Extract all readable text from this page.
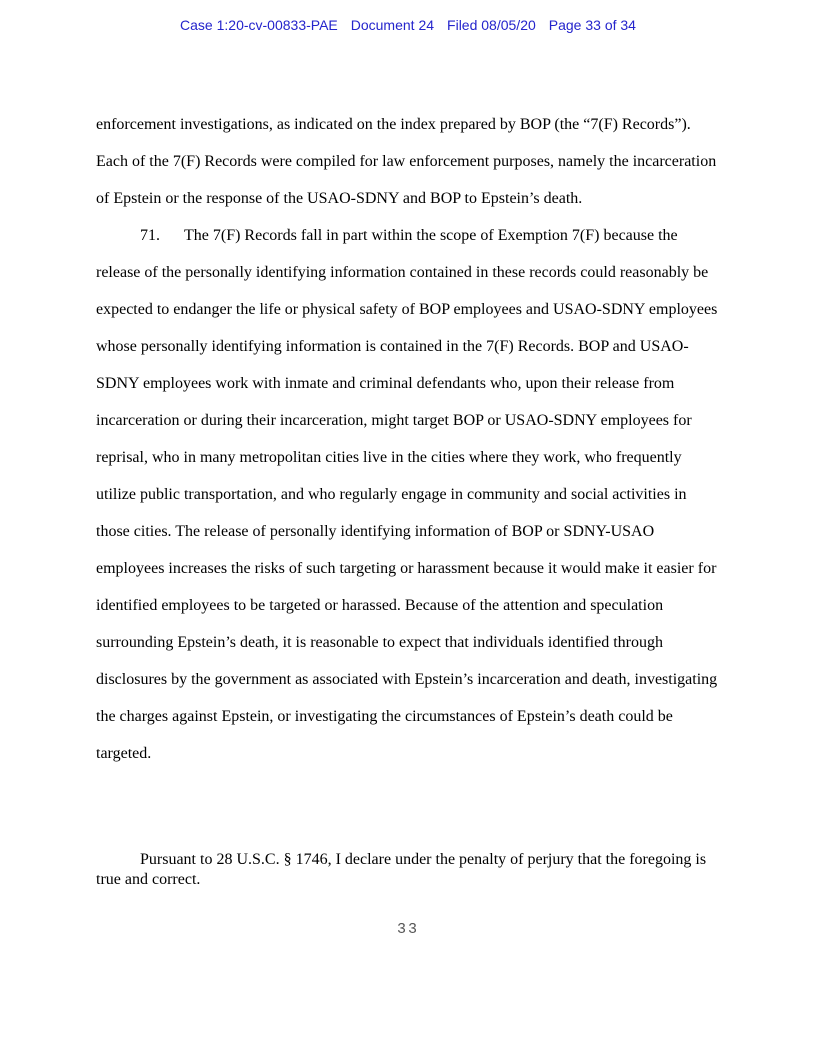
Case 1:20-cv-00833-PAE Document 24 Filed 08/05/20 Page 33 of 34
enforcement investigations, as indicated on the index prepared by BOP (the “7(F) Records”).
Each of the 7(F) Records were compiled for law enforcement purposes, namely the incarceration
of Epstein or the response of the USAO-SDNY and BOP to Epstein’s death.
	71.	The 7(F) Records fall in part within the scope of Exemption 7(F) because the
release of the personally identifying information contained in these records could reasonably be
expected to endanger the life or physical safety of BOP employees and USAO-SDNY employees
whose personally identifying information is contained in the 7(F) Records. BOP and USAO-
SDNY employees work with inmate and criminal defendants who, upon their release from
incarceration or during their incarceration, might target BOP or USAO-SDNY employees for
reprisal, who in many metropolitan cities live in the cities where they work, who frequently
utilize public transportation, and who regularly engage in community and social activities in
those cities. The release of personally identifying information of BOP or SDNY-USAO
employees increases the risks of such targeting or harassment because it would make it easier for
identified employees to be targeted or harassed. Because of the attention and speculation
surrounding Epstein’s death, it is reasonable to expect that individuals identified through
disclosures by the government as associated with Epstein’s incarceration and death, investigating
the charges against Epstein, or investigating the circumstances of Epstein’s death could be
targeted.
	Pursuant to 28 U.S.C. § 1746, I declare under the penalty of perjury that the foregoing is
true and correct.
33
